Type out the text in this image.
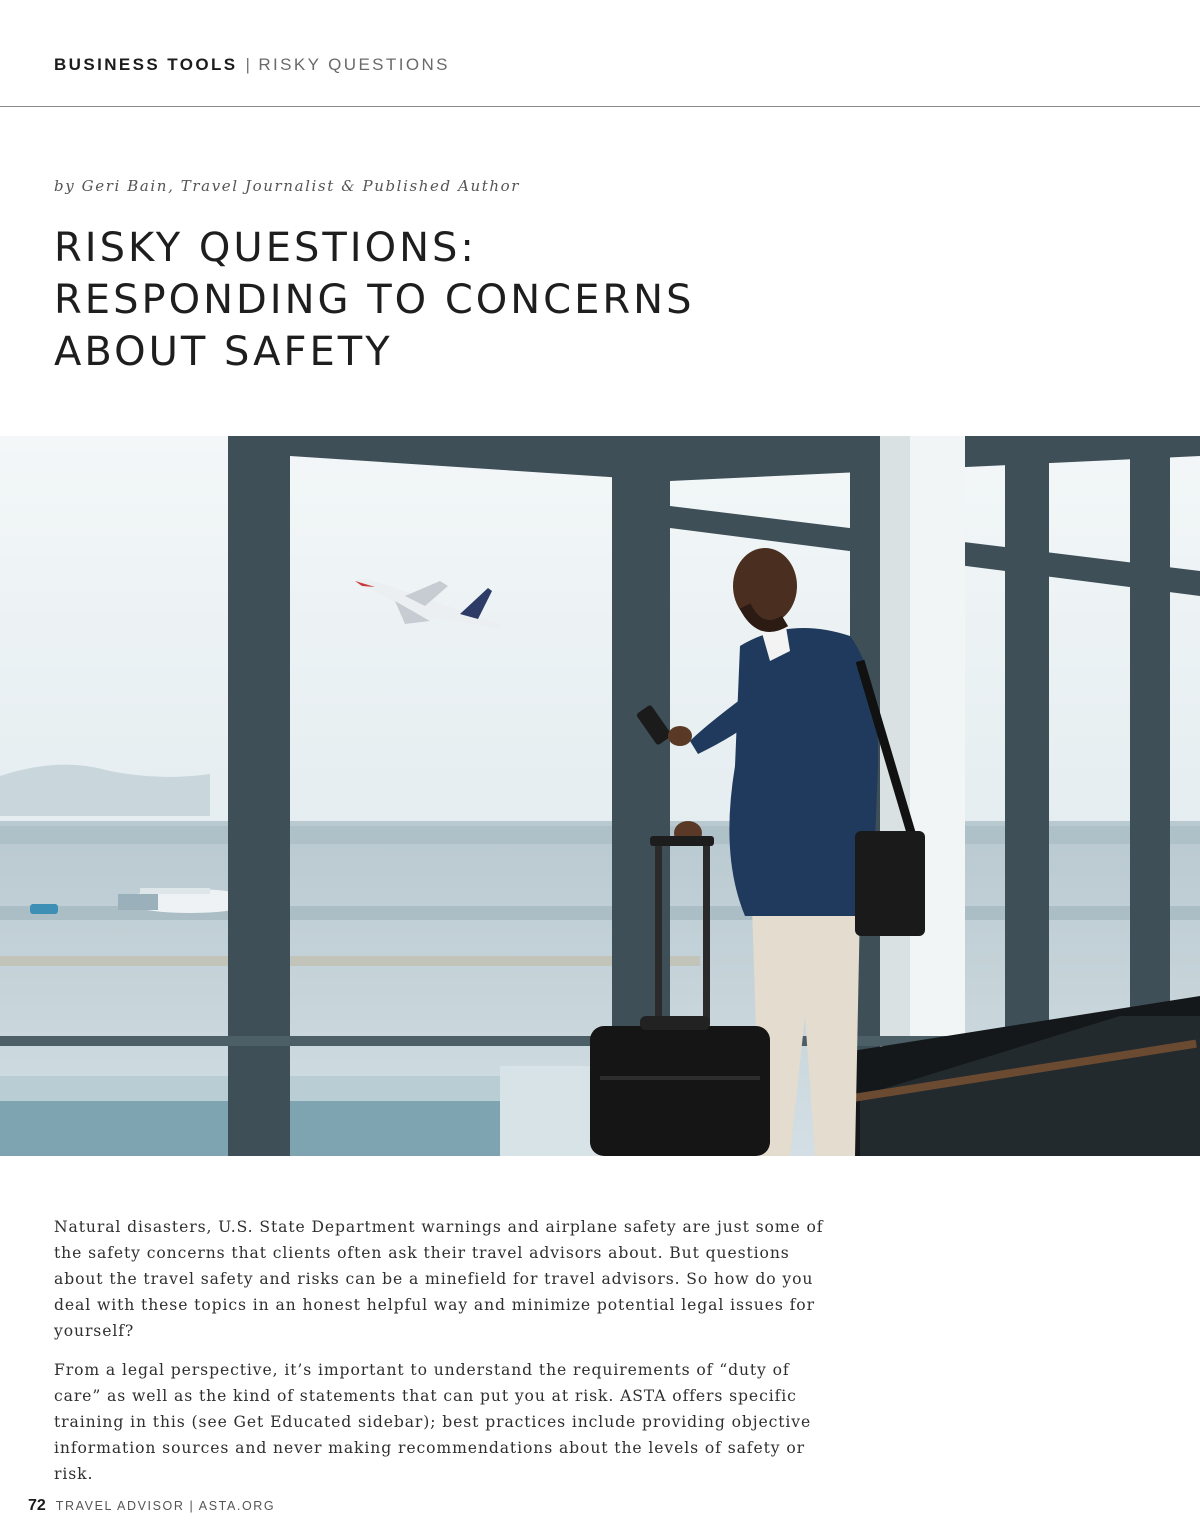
BUSINESS TOOLS | RISKY QUESTIONS
by Geri Bain, Travel Journalist & Published Author
RISKY QUESTIONS:
RESPONDING TO CONCERNS
ABOUT SAFETY

Natural disasters, U.S. State Department warnings and airplane safety are just some of the safety concerns that clients often ask their travel advisors about. But questions about the travel safety and risks can be a minefield for travel advisors. So how do you deal with these topics in an honest helpful way and minimize potential legal issues for yourself?

From a legal perspective, it’s important to understand the requirements of “duty of care” as well as the kind of statements that can put you at risk. ASTA offers specific training in this (see Get Educated sidebar); best practices include providing objective information sources and never making recommendations about the levels of safety or risk.

72 TRAVEL ADVISOR | ASTA.ORG
